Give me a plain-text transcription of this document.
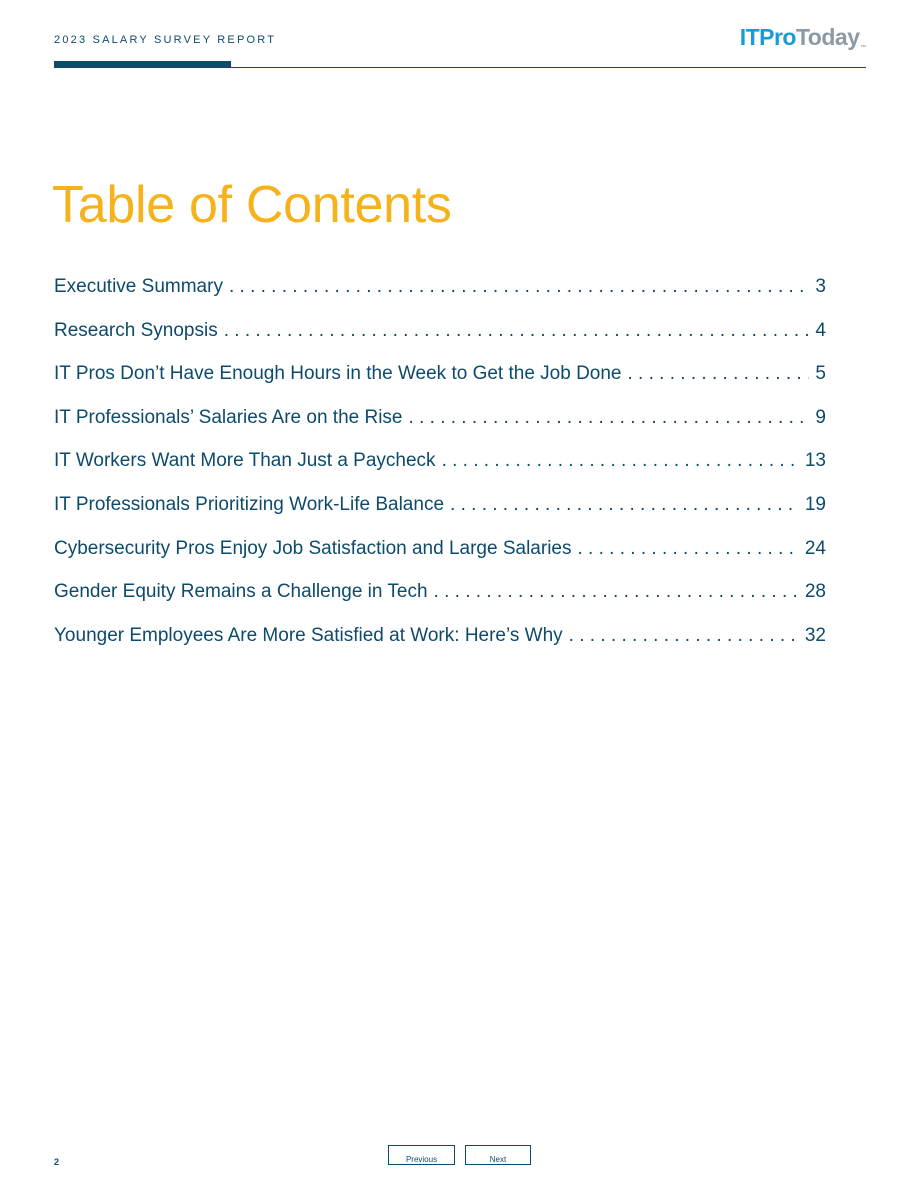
2023 SALARY SURVEY REPORT	ITProToday™
Table of Contents
Executive Summary . . .	3
Research Synopsis . . .	4
IT Pros Don’t Have Enough Hours in the Week to Get the Job Done . . .	5
IT Professionals’ Salaries Are on the Rise . . .	9
IT Workers Want More Than Just a Paycheck . . .	13
IT Professionals Prioritizing Work-Life Balance . . .	19
Cybersecurity Pros Enjoy Job Satisfaction and Large Salaries . . .	24
Gender Equity Remains a Challenge in Tech . . .	28
Younger Employees Are More Satisfied at Work: Here’s Why . . .	32
2	Previous	Next
